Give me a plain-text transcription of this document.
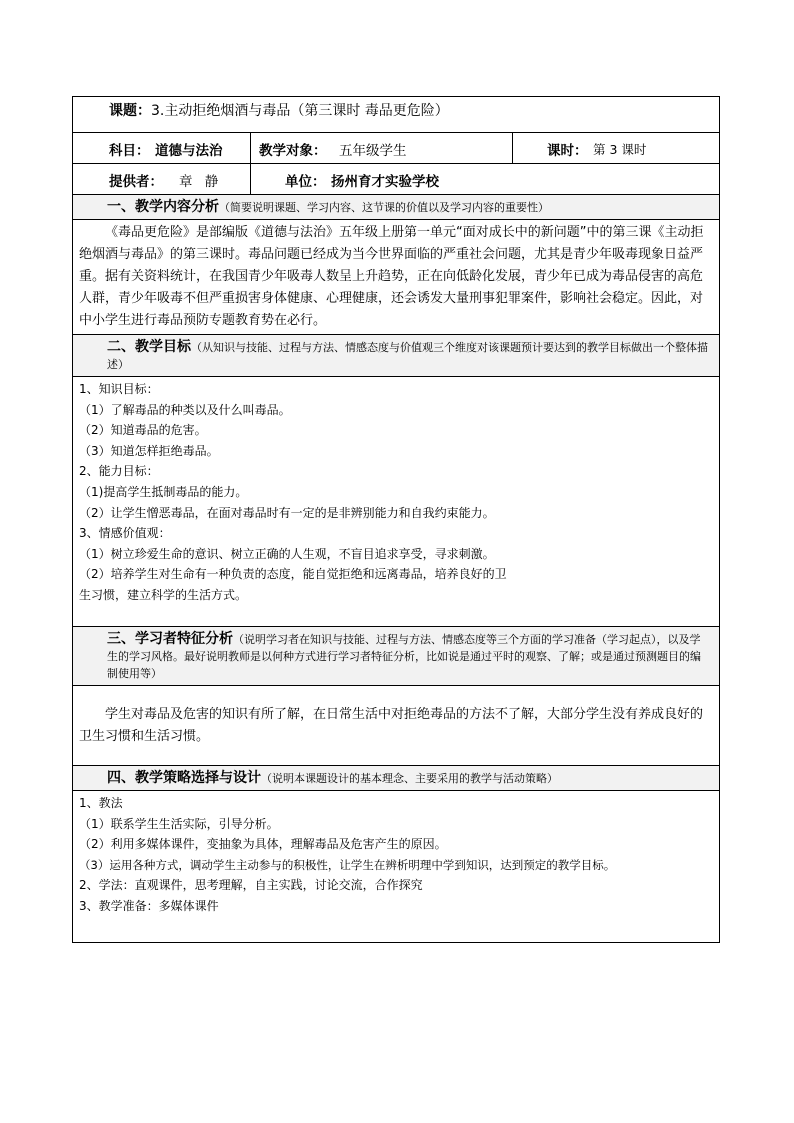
课题：3.主动拒绝烟酒与毒品（第三课时 毒品更危险）
科目： 道德与法治	教学对象： 五年级学生	课时： 第 3 课时
提供者： 章 静	单位： 扬州育才实验学校
一、教学内容分析（简要说明课题、学习内容、这节课的价值以及学习内容的重要性）
《毒品更危险》是部编版《道德与法治》五年级上册第一单元“面对成长中的新问题”中的第三课《主动拒绝烟酒与毒品》的第三课时。毒品问题已经成为当今世界面临的严重社会问题，尤其是青少年吸毒现象日益严重。据有关资料统计，在我国青少年吸毒人数呈上升趋势，正在向低龄化发展，青少年已成为毒品侵害的高危人群，青少年吸毒不但严重损害身体健康、心理健康，还会诱发大量刑事犯罪案件，影响社会稳定。因此，对中小学生进行毒品预防专题教育势在必行。
二、教学目标（从知识与技能、过程与方法、情感态度与价值观三个维度对该课题预计要达到的教学目标做出一个整体描述）
1、知识目标：
（1）了解毒品的种类以及什么叫毒品。
（2）知道毒品的危害。
（3）知道怎样拒绝毒品。
2、能力目标：
（1)提高学生抵制毒品的能力。
（2）让学生憎恶毒品，在面对毒品时有一定的是非辨别能力和自我约束能力。
3、情感价值观：
（1）树立珍爱生命的意识、树立正确的人生观，不盲目追求享受，寻求刺激。
（2）培养学生对生命有一种负责的态度，能自觉拒绝和远离毒品，培养良好的卫
生习惯，建立科学的生活方式。
三、学习者特征分析（说明学习者在知识与技能、过程与方法、情感态度等三个方面的学习准备（学习起点），以及学生的学习风格。最好说明教师是以何种方式进行学习者特征分析，比如说是通过平时的观察、了解；或是通过预测题目的编制使用等）
学生对毒品及危害的知识有所了解，在日常生活中对拒绝毒品的方法不了解，大部分学生没有养成良好的卫生习惯和生活习惯。
四、教学策略选择与设计（说明本课题设计的基本理念、主要采用的教学与活动策略）
1、教法
（1）联系学生生活实际，引导分析。
（2）利用多媒体课件，变抽象为具体，理解毒品及危害产生的原因。
（3）运用各种方式，调动学生主动参与的积极性，让学生在辨析明理中学到知识，达到预定的教学目标。
2、学法：直观课件，思考理解，自主实践，讨论交流，合作探究
3、教学准备：多媒体课件
